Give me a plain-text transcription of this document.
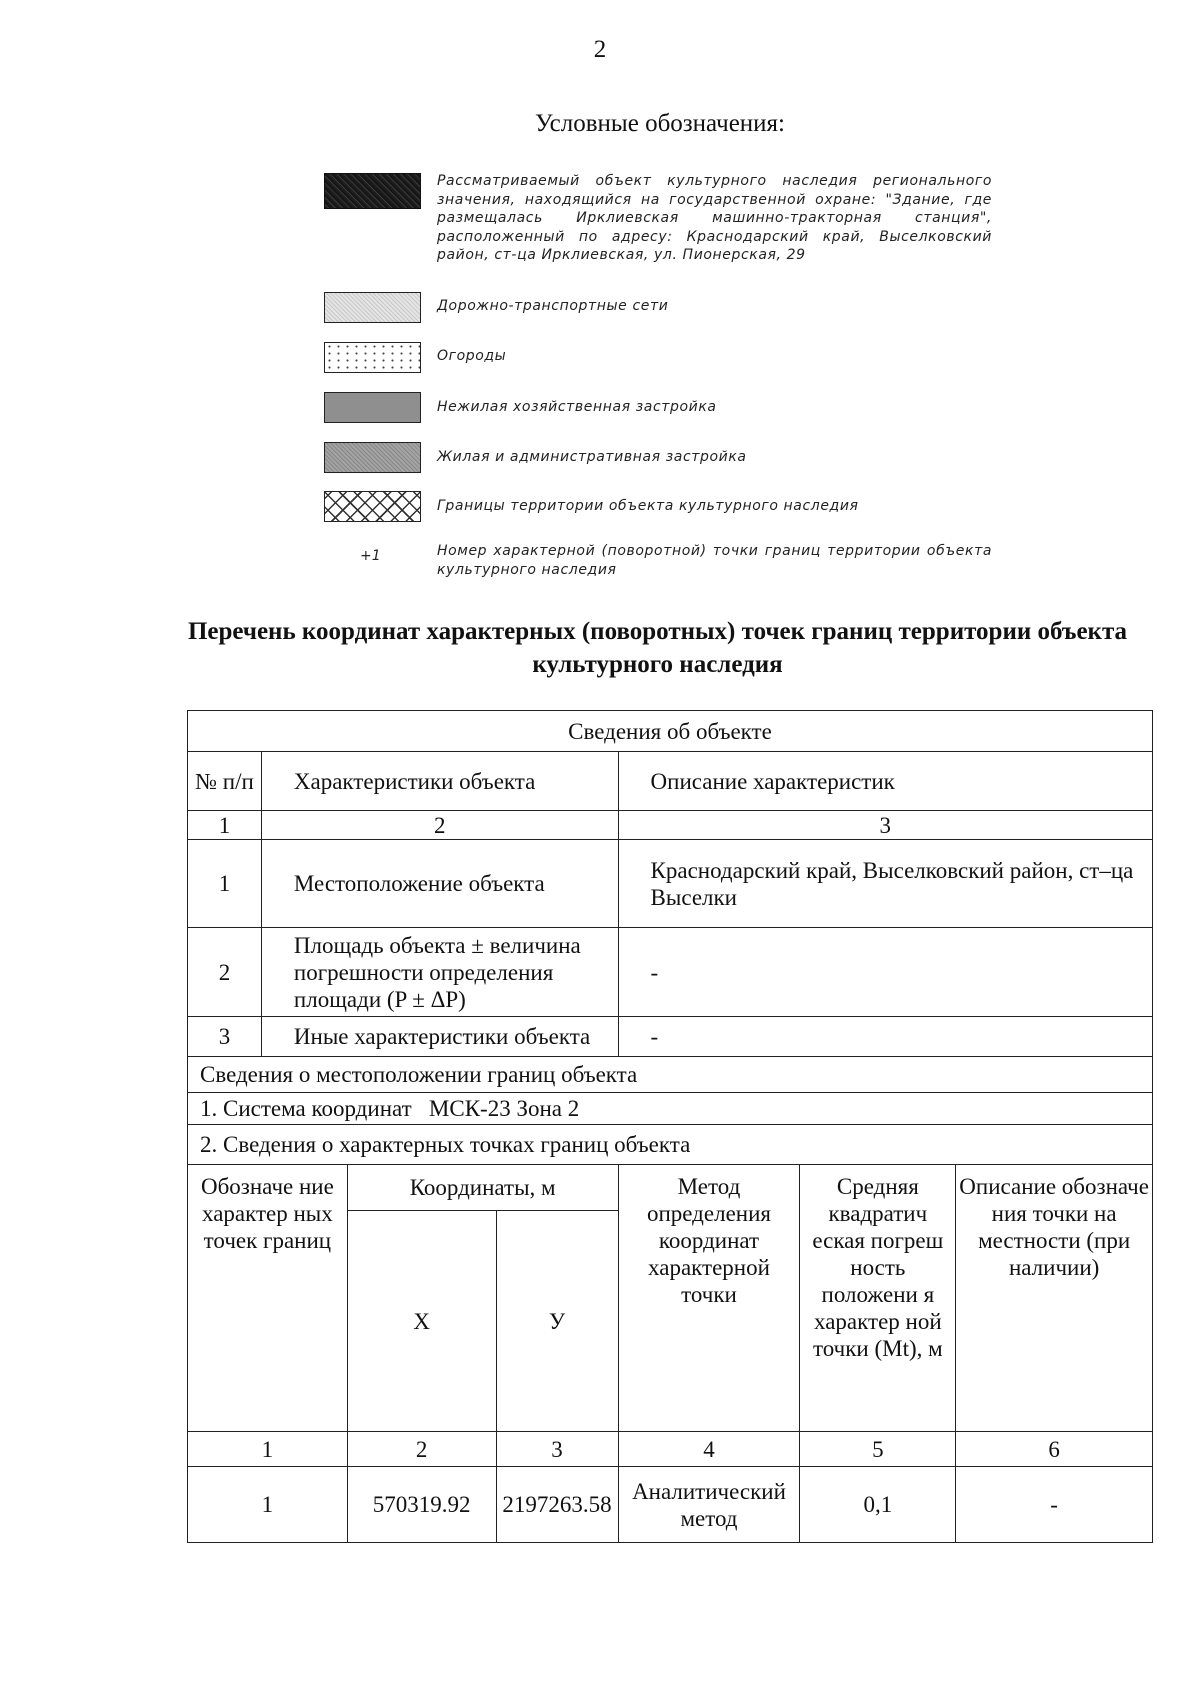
2
Условные обозначения:
Рассматриваемый объект культурного наследия регионального значения, находящийся на государственной охране: "Здание, где размещалась Ирклиевская машинно-тракторная станция", расположенный по адресу: Краснодарский край, Выселковский район, ст-ца Ирклиевская, ул. Пионерская, 29
Дорожно-транспортные сети
Огороды
Нежилая хозяйственная застройка
Жилая и административная застройка
Границы территории объекта культурного наследия
+1	Номер характерной (поворотной) точки границ территории объекта культурного наследия
Перечень координат характерных (поворотных) точек границ территории объекта культурного наследия
Сведения об объекте						
№ п/п	Характеристики объекта			Описание характеристик		
1	2			3		
1	Местоположение объекта			Краснодарский край, Выселковский район, ст–ца Выселки		
2	Площадь объекта ± величина погрешности определения площади (P ± ΔP)			-		
3	Иные характеристики объекта			-		
Сведения о местоположении границ объекта						
1. Система координат   МСК-23 Зона 2						
2. Сведения о характерных точках границ объекта						
Обозначе ние характер ных точек границ		Координаты, м		Метод определения координат характерной точки	Средняя квадратич еская погреш ность положени я характер ной точки (Mt), м	Описание обозначе ния точки на местности (при наличии)
		X	У			
1		2	3	4	5	6
1		570319.92	2197263.58	Аналитический метод	0,1	-
